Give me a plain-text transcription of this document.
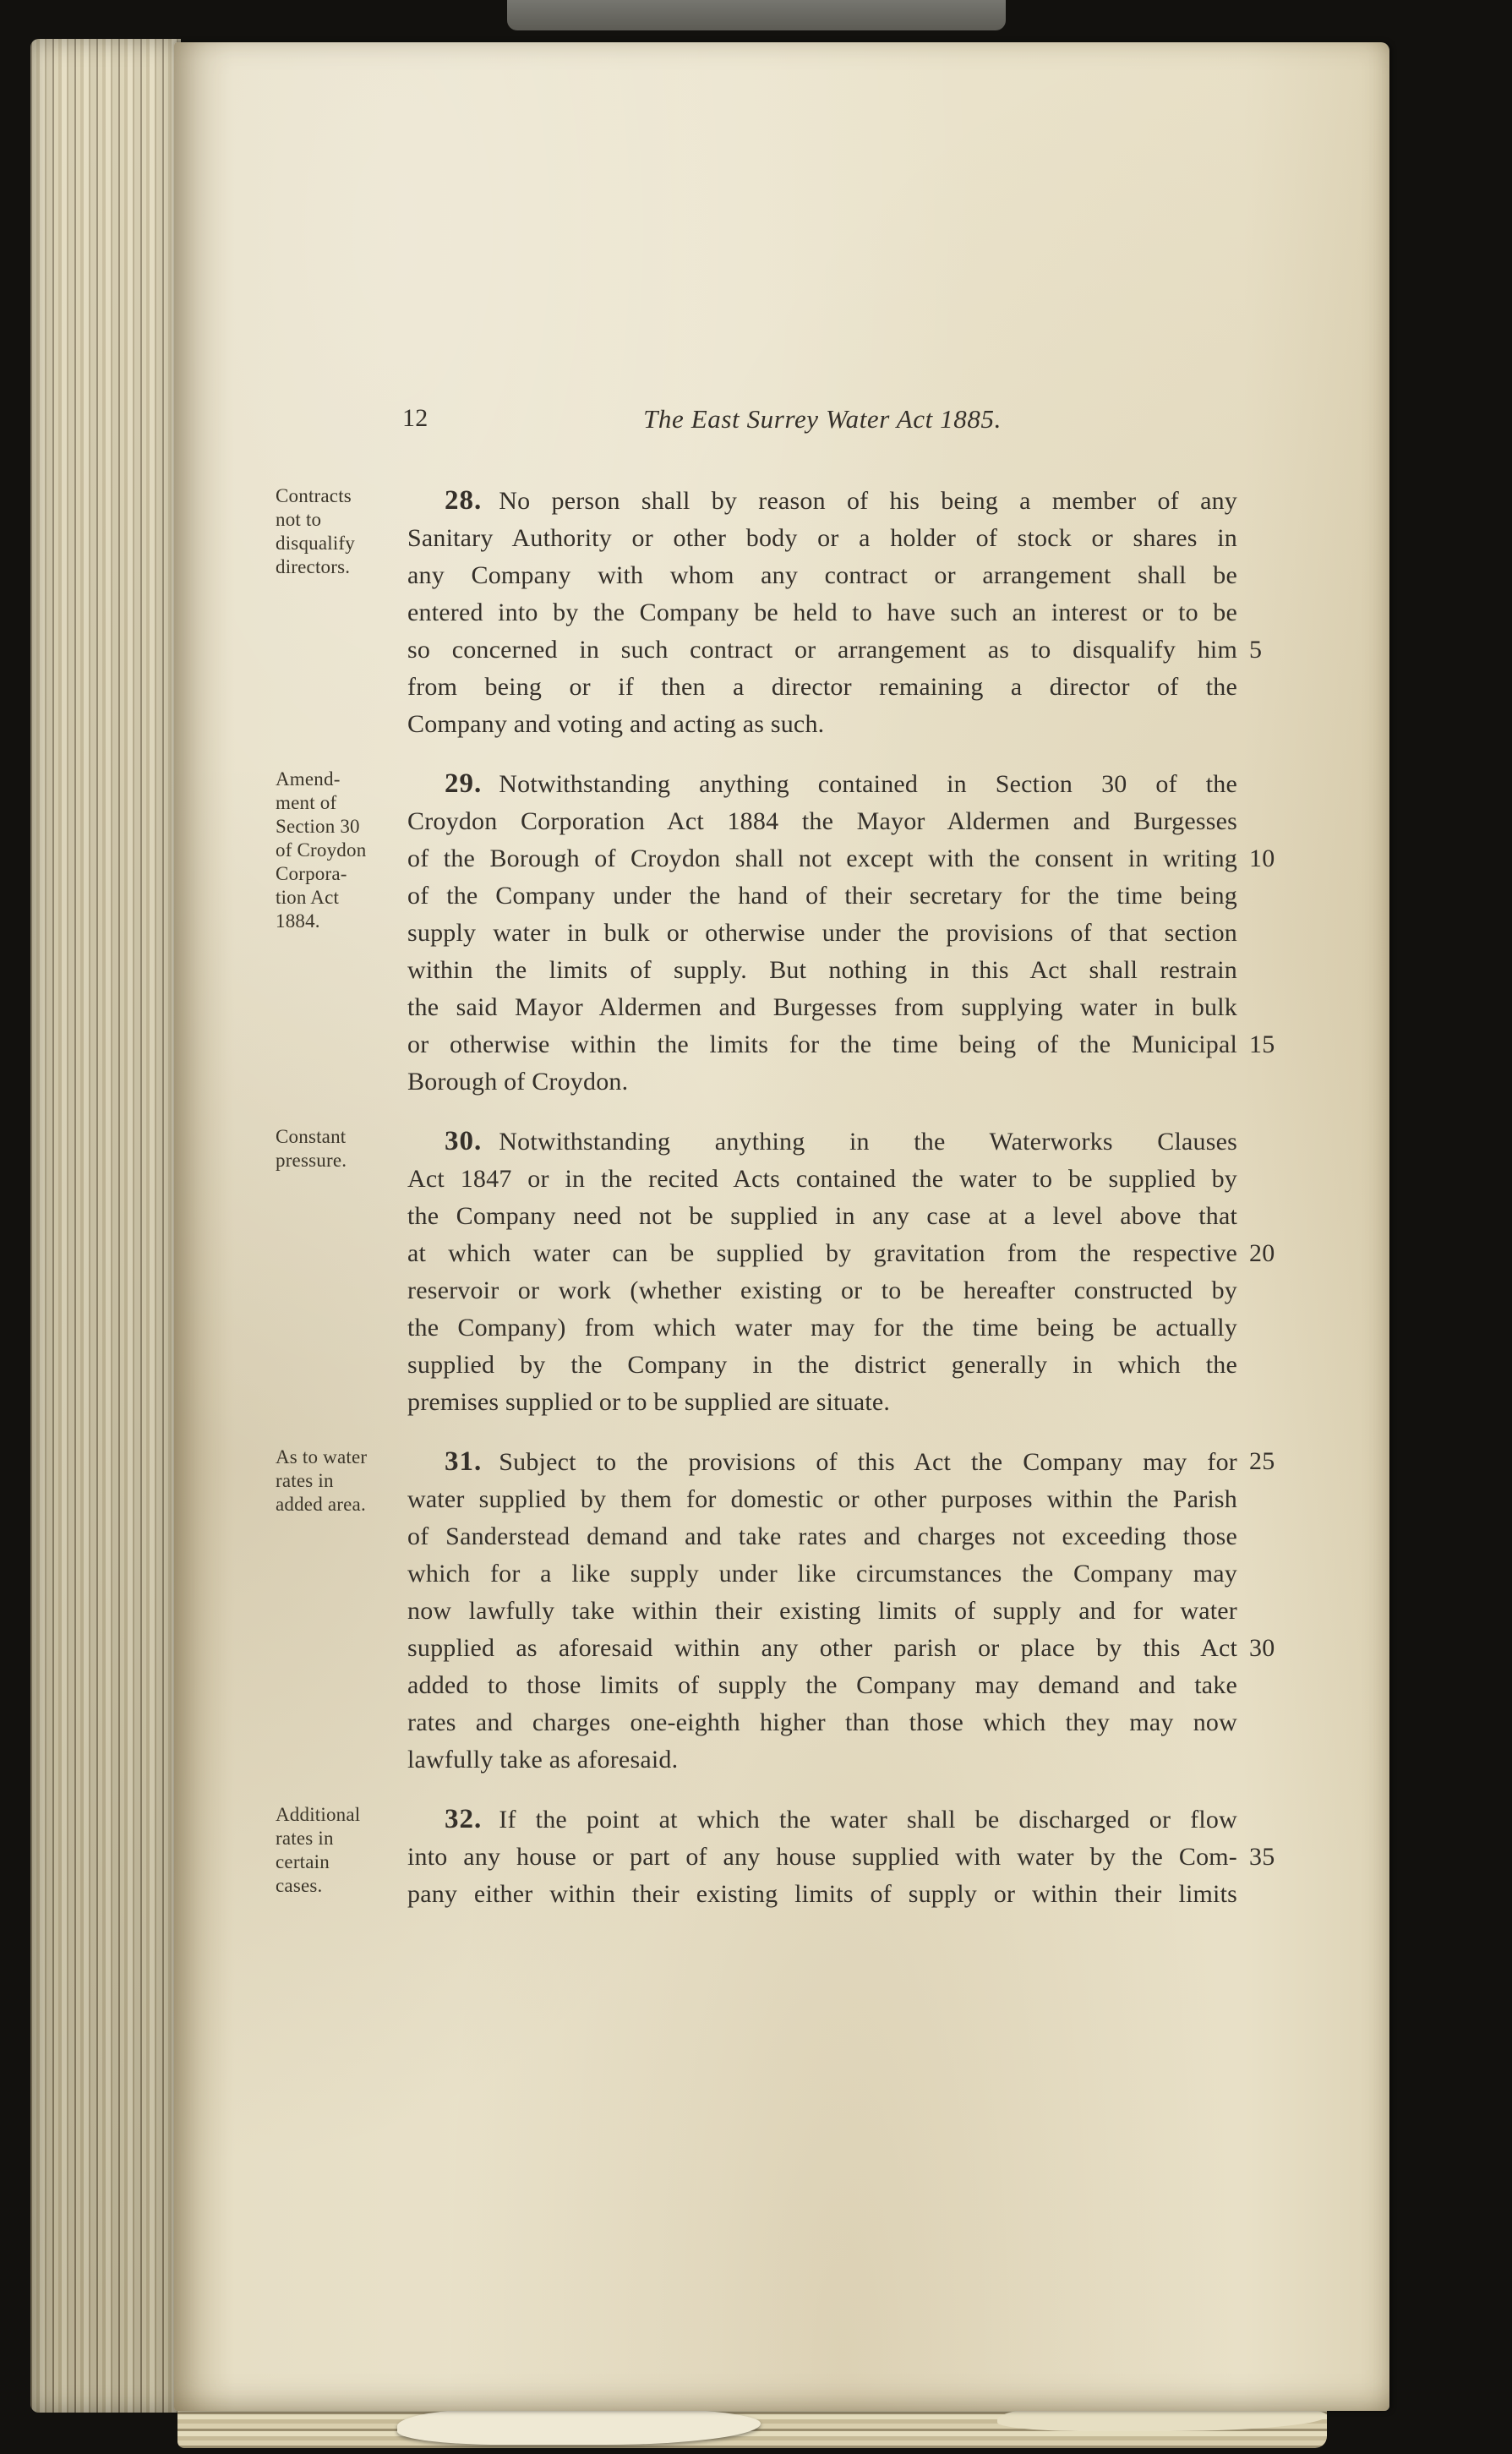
12	The East Surrey Water Act 1885.
Contracts
not to
disqualify
directors.
28. No person shall by reason of his being a member of any
Sanitary Authority or other body or a holder of stock or shares in
any Company with whom any contract or arrangement shall be
entered into by the Company be held to have such an interest or to be
so concerned in such contract or arrangement as to disqualify him 5
from being or if then a director remaining a director of the
Company and voting and acting as such.
Amend-
ment of
Section 30
of Croydon
Corpora-
tion Act
1884.
29. Notwithstanding anything contained in Section 30 of the
Croydon Corporation Act 1884 the Mayor Aldermen and Burgesses
of the Borough of Croydon shall not except with the consent in writing 10
of the Company under the hand of their secretary for the time being
supply water in bulk or otherwise under the provisions of that section
within the limits of supply. But nothing in this Act shall restrain
the said Mayor Aldermen and Burgesses from supplying water in bulk
or otherwise within the limits for the time being of the Municipal 15
Borough of Croydon.
Constant
pressure.
30. Notwithstanding anything in the Waterworks Clauses
Act 1847 or in the recited Acts contained the water to be supplied by
the Company need not be supplied in any case at a level above that
at which water can be supplied by gravitation from the respective 20
reservoir or work (whether existing or to be hereafter constructed by
the Company) from which water may for the time being be actually
supplied by the Company in the district generally in which the
premises supplied or to be supplied are situate.
As to water
rates in
added area.
31. Subject to the provisions of this Act the Company may for 25
water supplied by them for domestic or other purposes within the Parish
of Sanderstead demand and take rates and charges not exceeding those
which for a like supply under like circumstances the Company may
now lawfully take within their existing limits of supply and for water
supplied as aforesaid within any other parish or place by this Act 30
added to those limits of supply the Company may demand and take
rates and charges one-eighth higher than those which they may now
lawfully take as aforesaid.
Additional
rates in
certain
cases.
32. If the point at which the water shall be discharged or flow
into any house or part of any house supplied with water by the Com- 35
pany either within their existing limits of supply or within their limits
